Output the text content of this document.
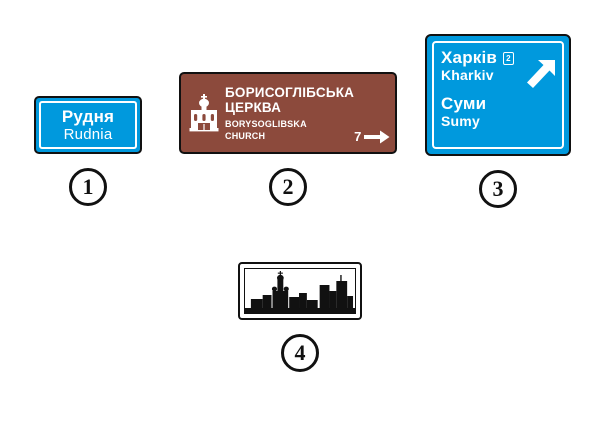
Рудня
Rudnia
1
БОРИСОГЛІБСЬКА
ЦЕРКВА
BORYSOGLIBSKA
CHURCH	7
2
Харків	2
Kharkiv
Суми
Sumy
3
4
